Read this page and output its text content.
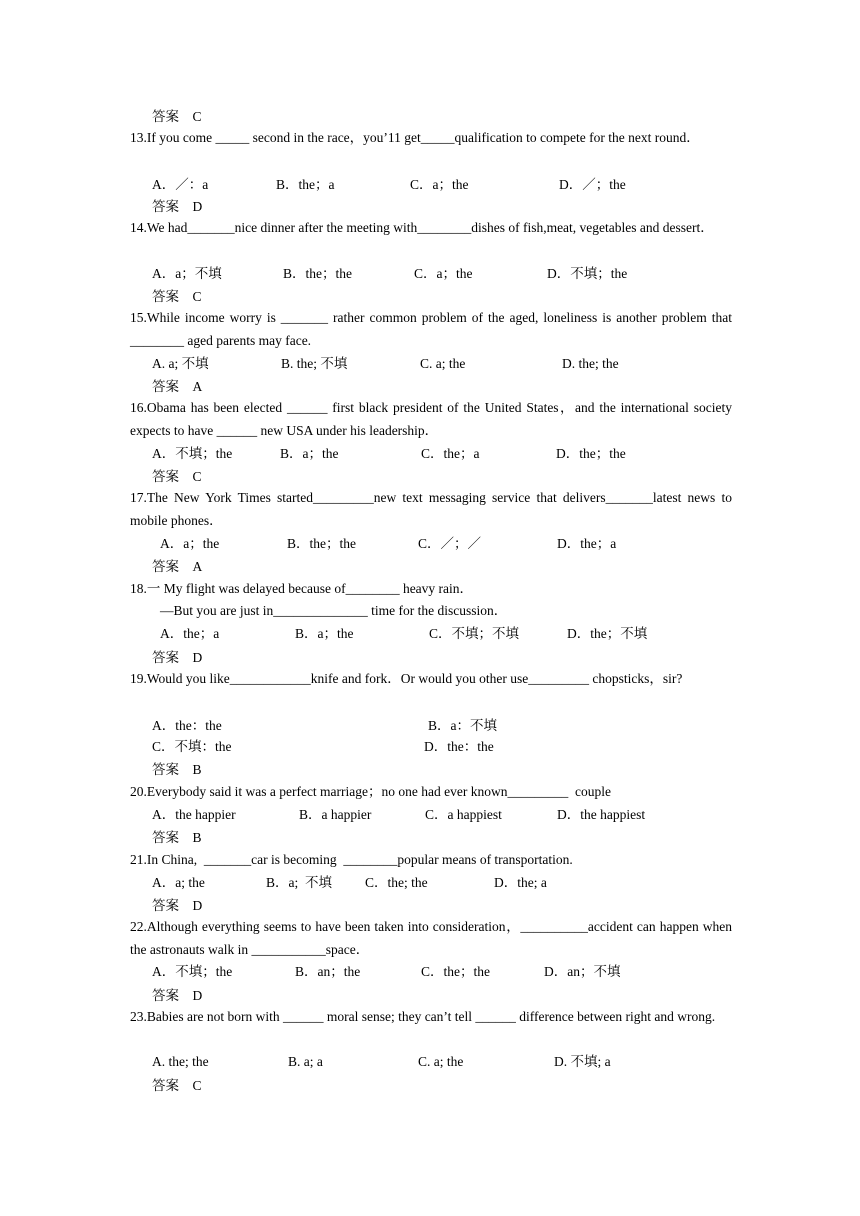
答案 C
13.If you come _____ second in the race，you’11 get_____qualification to compete for the next round．
A．／：a	B．the；a	C．a；the	D．／；the
答案 D
14.We had_______nice dinner after the meeting with________dishes of fish,meat, vegetables and dessert．
A．a；不填	B．the；the	C．a；the	D．不填；the
答案 C
15.While income worry is _______ rather common problem of the aged, loneliness is another problem that ________ aged parents may face.
A. a; 不填	B. the; 不填	C. a; the	D. the; the
答案 A
16.Obama has been elected ______ first black president of the United States，and the international society expects to have ______ new USA under his leadership．
A．不填；the	B．a；the	C．the；a	D．the；the
答案 C
17.The New York Times started_________new text messaging service that delivers_______latest news to mobile phones．
A．a；the	B．the；the	C．／；／	D．the；a
答案 A
18.一 My flight was delayed because of________ heavy rain．
—But you are just in______________ time for the discussion．
A．the；a	B．a；the	C．不填；不填	D．the；不填
答案 D
19.Would you like____________knife and fork．Or would you other use_________ chopsticks，sir?
A．the：the	B．a：不填
C．不填：the	D．the：the
答案 B
20.Everybody said it was a perfect marriage；no one had ever known_________  couple
A．the happier	B．a happier	C．a happiest	D．the happiest
答案 B
21.In China,  _______car is becoming  ________popular means of transportation.
A．a; the	B．a;  不填 C．the; the	D．the; a
答案 D
22.Although everything seems to have been taken into consideration，__________accident can happen when the astronauts walk in ___________space．
A．不填；the	B．an；the	C．the；the	D．an；不填
答案 D
23.Babies are not born with ______ moral sense; they can’t tell ______ difference between right and wrong.
A. the; the	B. a; a	C. a; the	D. 不填; a
答案 C
